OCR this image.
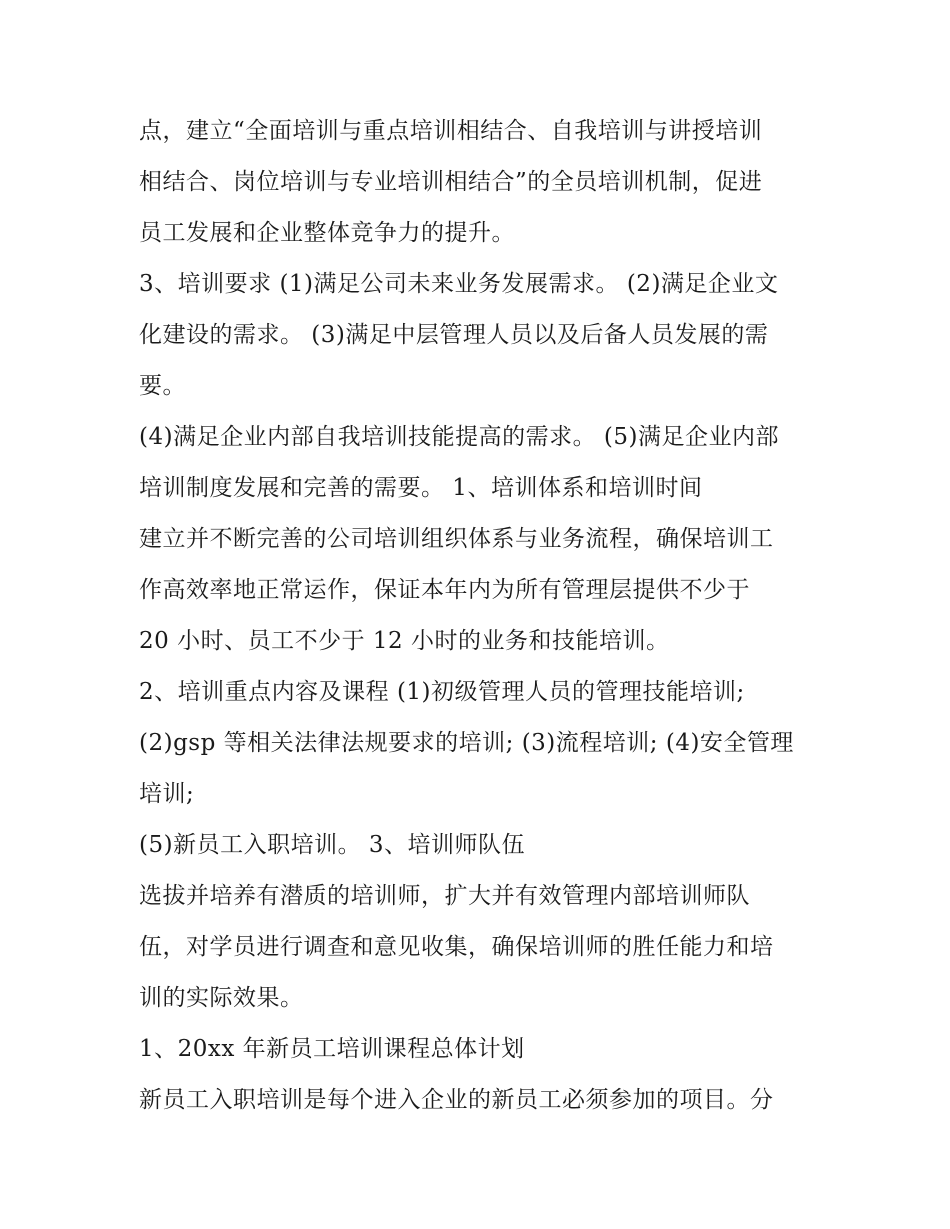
点，建立“全面培训与重点培训相结合、自我培训与讲授培训
相结合、岗位培训与专业培训相结合”的全员培训机制，促进
员工发展和企业整体竞争力的提升。
3、培训要求 (1)满足公司未来业务发展需求。 (2)满足企业文
化建设的需求。 (3)满足中层管理人员以及后备人员发展的需
要。
(4)满足企业内部自我培训技能提高的需求。 (5)满足企业内部
培训制度发展和完善的需要。 1、培训体系和培训时间
建立并不断完善的公司培训组织体系与业务流程，确保培训工
作高效率地正常运作，保证本年内为所有管理层提供不少于
20 小时、员工不少于 12 小时的业务和技能培训。
2、培训重点内容及课程 (1)初级管理人员的管理技能培训;
(2)gsp 等相关法律法规要求的培训; (3)流程培训; (4)安全管理
培训;
(5)新员工入职培训。 3、培训师队伍
选拔并培养有潜质的培训师，扩大并有效管理内部培训师队
伍，对学员进行调查和意见收集，确保培训师的胜任能力和培
训的实际效果。
1、20xx 年新员工培训课程总体计划
新员工入职培训是每个进入企业的新员工必须参加的项目。分
